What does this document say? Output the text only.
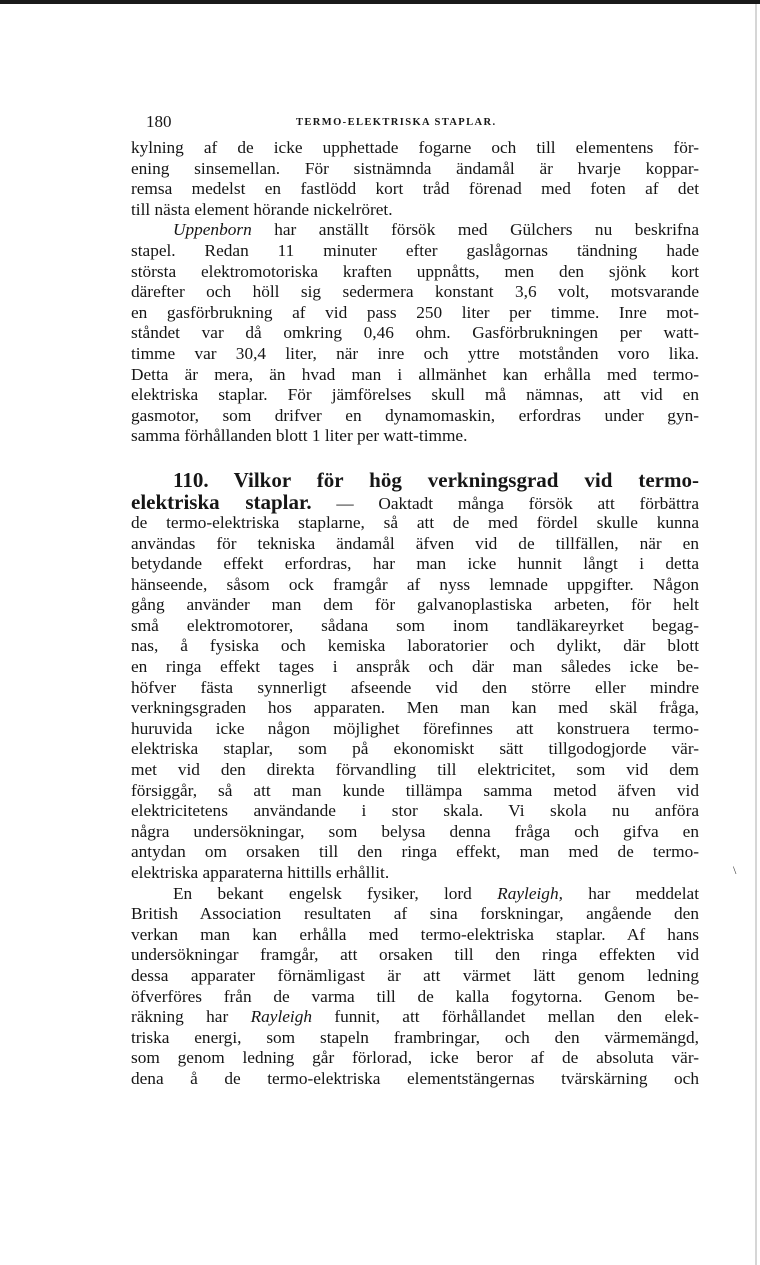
180	TERMO-ELEKTRISKA STAPLAR.

kylning af de icke upphettade fogarne och till elementens för-
ening sinsemellan. För sistnämnda ändamål är hvarje koppar-
remsa medelst en fastlödd kort tråd förenad med foten af det
till nästa element hörande nickelröret.

Uppenborn har anställt försök med Gülchers nu beskrifna
stapel. Redan 11 minuter efter gaslågornas tändning hade
största elektromotoriska kraften uppnåtts, men den sjönk kort
därefter och höll sig sedermera konstant 3,6 volt, motsvarande
en gasförbrukning af vid pass 250 liter per timme. Inre mot-
ståndet var då omkring 0,46 ohm. Gasförbrukningen per watt-
timme var 30,4 liter, när inre och yttre motstånden voro lika.
Detta är mera, än hvad man i allmänhet kan erhålla med termo-
elektriska staplar. För jämförelses skull må nämnas, att vid en
gasmotor, som drifver en dynamomaskin, erfordras under gyn-
samma förhållanden blott 1 liter per watt-timme.

110. Vilkor för hög verkningsgrad vid termo-
elektriska staplar. — Oaktadt många försök att förbättra
de termo-elektriska staplarne, så att de med fördel skulle kunna
användas för tekniska ändamål äfven vid de tillfällen, när en
betydande effekt erfordras, har man icke hunnit långt i detta
hänseende, såsom ock framgår af nyss lemnade uppgifter. Någon
gång använder man dem för galvanoplastiska arbeten, för helt
små elektromotorer, sådana som inom tandläkareyrket begag-
nas, å fysiska och kemiska laboratorier och dylikt, där blott
en ringa effekt tages i anspråk och där man således icke be-
höfver fästa synnerligt afseende vid den större eller mindre
verkningsgraden hos apparaten. Men man kan med skäl fråga,
huruvida icke någon möjlighet förefinnes att konstruera termo-
elektriska staplar, som på ekonomiskt sätt tillgodogjorde vär-
met vid den direkta förvandling till elektricitet, som vid dem
försiggår, så att man kunde tillämpa samma metod äfven vid
elektricitetens användande i stor skala. Vi skola nu anföra
några undersökningar, som belysa denna fråga och gifva en
antydan om orsaken till den ringa effekt, man med de termo-
elektriska apparaterna hittills erhållit.

En bekant engelsk fysiker, lord Rayleigh, har meddelat
British Association resultaten af sina forskningar, angående den
verkan man kan erhålla med termo-elektriska staplar. Af hans
undersökningar framgår, att orsaken till den ringa effekten vid
dessa apparater förnämligast är att värmet lätt genom ledning
öfverföres från de varma till de kalla fogytorna. Genom be-
räkning har Rayleigh funnit, att förhållandet mellan den elek-
triska energi, som stapeln frambringar, och den värmemängd,
som genom ledning går förlorad, icke beror af de absoluta vär-
dena å de termo-elektriska elementstängernas tvärskärning och

\
